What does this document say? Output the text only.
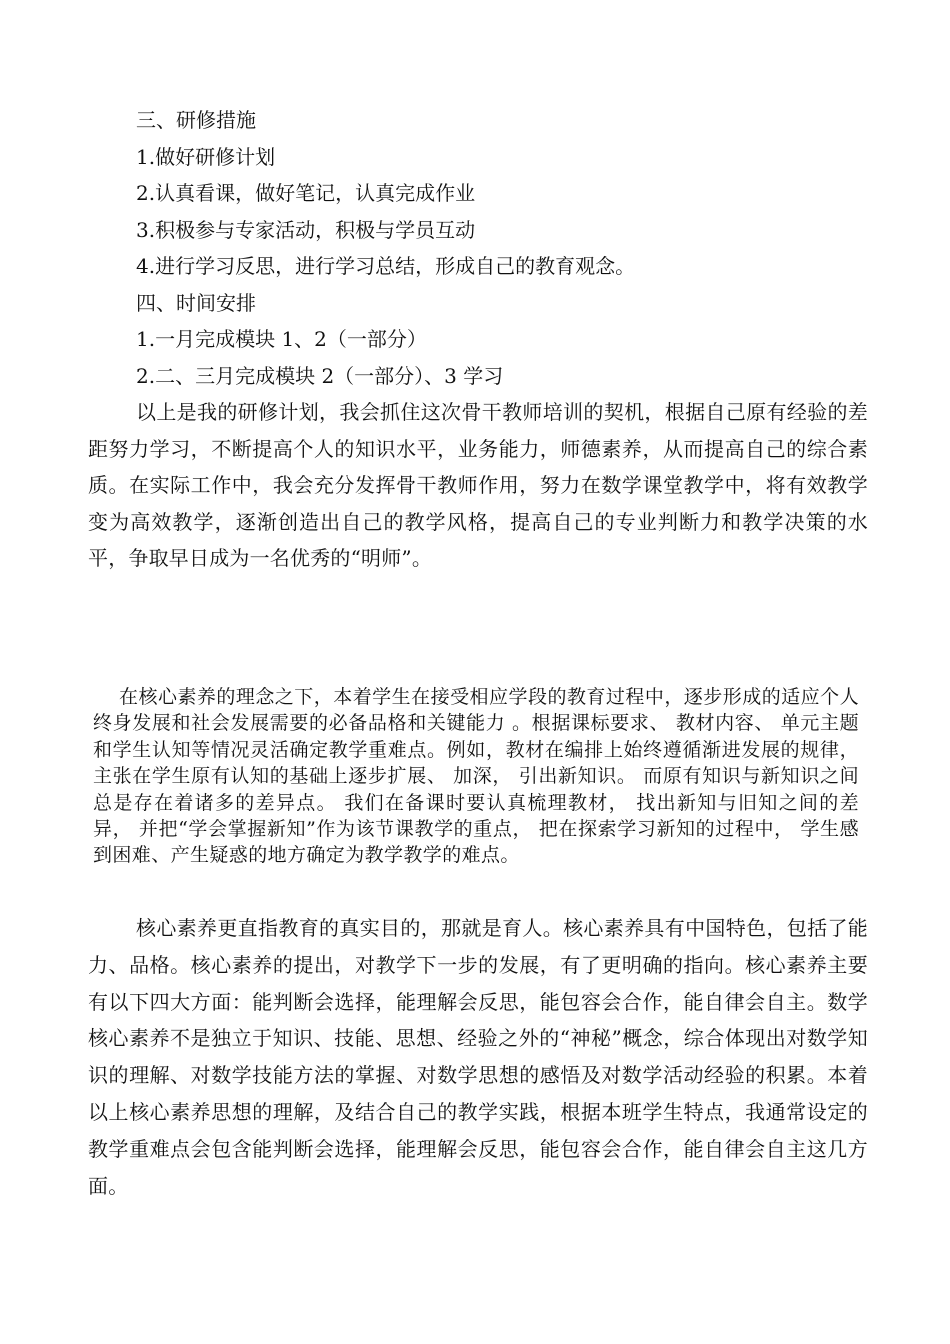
三、研修措施

1.做好研修计划

2.认真看课，做好笔记，认真完成作业

3.积极参与专家活动，积极与学员互动

4.进行学习反思，进行学习总结，形成自己的教育观念。

四、时间安排

1.一月完成模块 1、2（一部分）

2.二、三月完成模块 2（一部分）、3 学习

以上是我的研修计划，我会抓住这次骨干教师培训的契机，根据自己原有经验的差距努力学习，不断提高个人的知识水平，业务能力，师德素养，从而提高自己的综合素质。在实际工作中，我会充分发挥骨干教师作用，努力在数学课堂教学中，将有效教学变为高效教学，逐渐创造出自己的教学风格，提高自己的专业判断力和教学决策的水平，争取早日成为一名优秀的“明师”。

在核心素养的理念之下，本着学生在接受相应学段的教育过程中，逐步形成的适应个人终身发展和社会发展需要的必备品格和关键能力 。根据课标要求、 教材内容、 单元主题和学生认知等情况灵活确定教学重难点。例如，教材在编排上始终遵循渐进发展的规律，主张在学生原有认知的基础上逐步扩展、 加深， 引出新知识。 而原有知识与新知识之间总是存在着诸多的差异点。 我们在备课时要认真梳理教材， 找出新知与旧知之间的差异， 并把“学会掌握新知”作为该节课教学的重点， 把在探索学习新知的过程中， 学生感到困难、产生疑惑的地方确定为教学教学的难点。

核心素养更直指教育的真实目的，那就是育人。核心素养具有中国特色，包括了能力、品格。核心素养的提出，对教学下一步的发展，有了更明确的指向。核心素养主要有以下四大方面：能判断会选择，能理解会反思，能包容会合作，能自律会自主。数学核心素养不是独立于知识、技能、思想、经验之外的“神秘”概念，综合体现出对数学知识的理解、对数学技能方法的掌握、对数学思想的感悟及对数学活动经验的积累。本着以上核心素养思想的理解，及结合自己的教学实践，根据本班学生特点，我通常设定的教学重难点会包含能判断会选择，能理解会反思，能包容会合作，能自律会自主这几方面。
